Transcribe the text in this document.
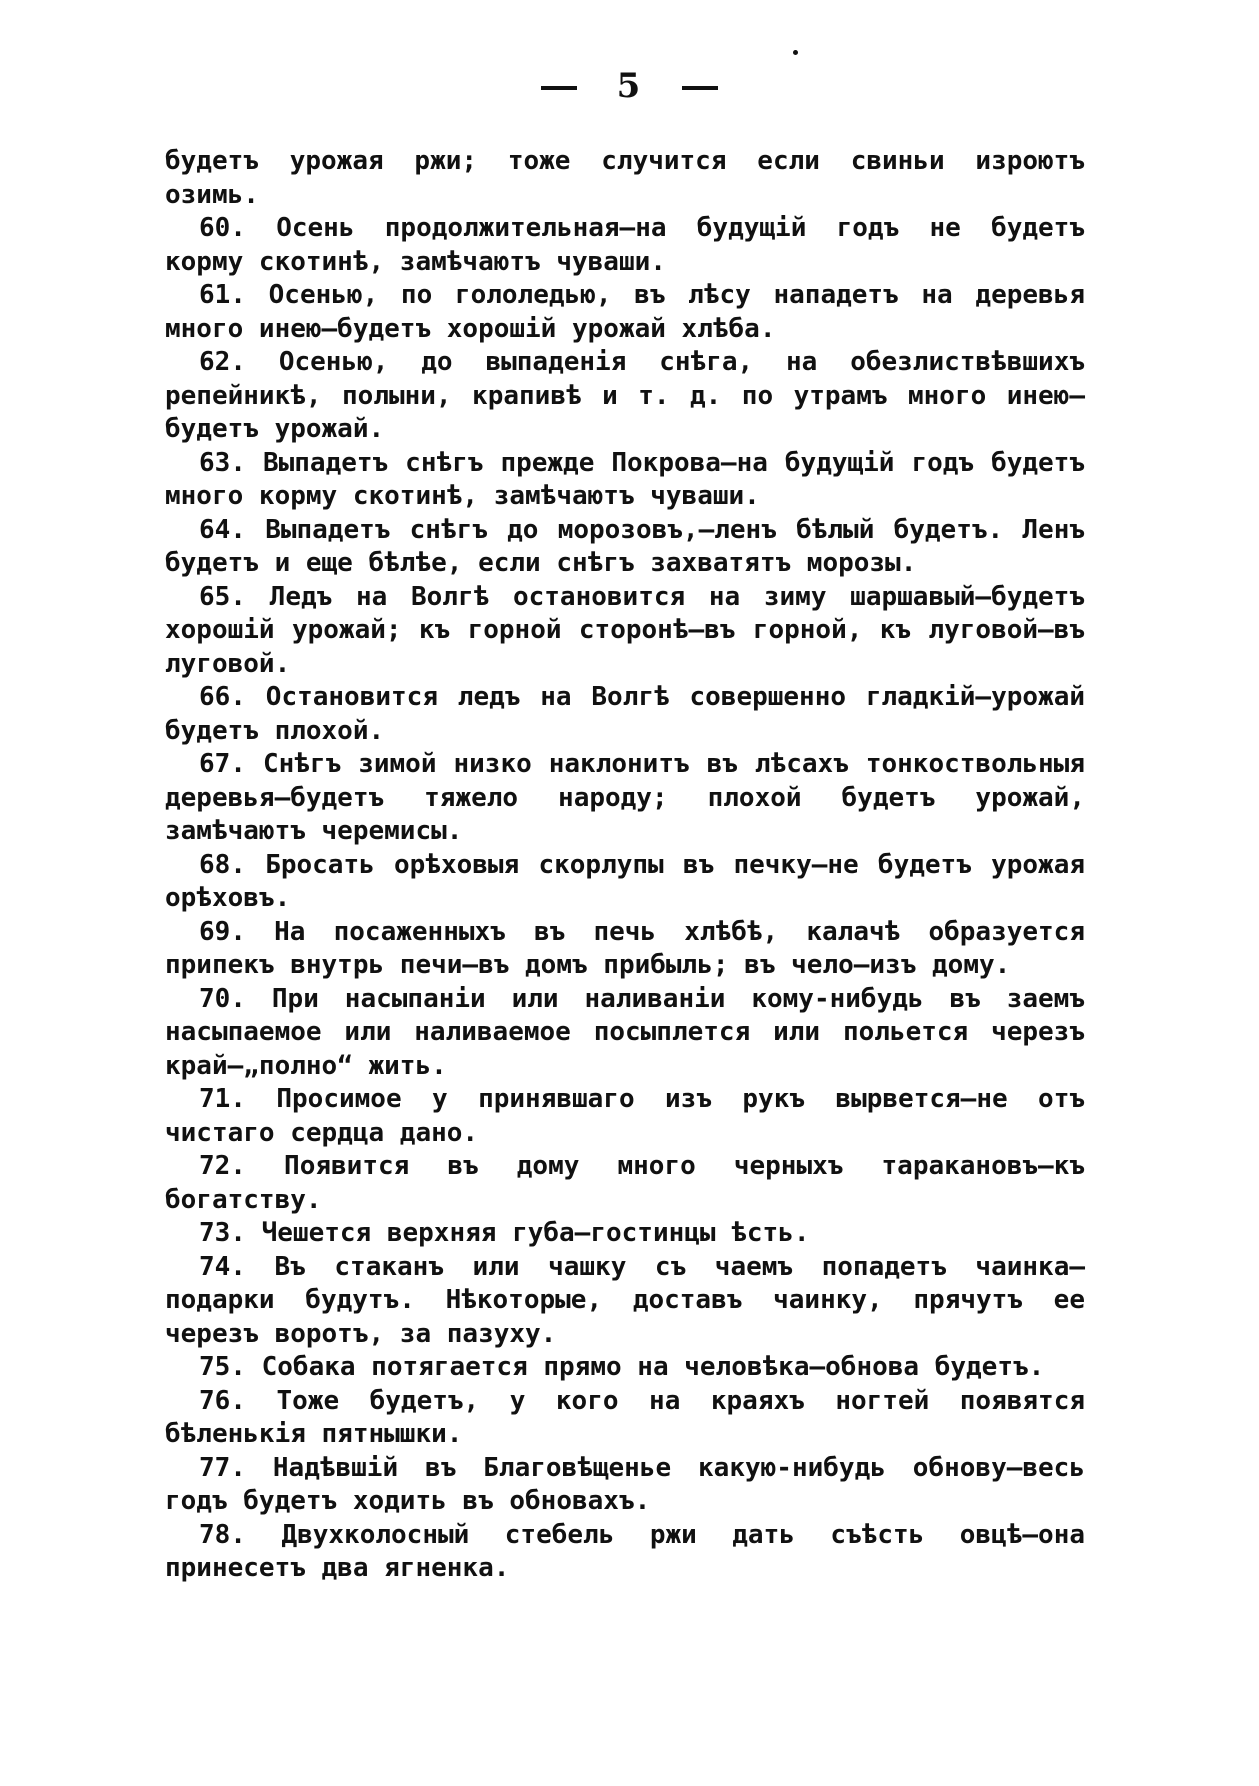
5

будетъ урожая ржи; тоже случится если свиньи изроютъ озимь.

60. Осень продолжительная—на будущій годъ не будетъ корму скотинѣ, замѣчаютъ чуваши.

61. Осенью, по гололедью, въ лѣсу нападетъ на деревья много инею—будетъ хорошій урожай хлѣба.

62. Осенью, до выпаденія снѣга, на обезлиствѣвшихъ репейникѣ, полыни, крапивѣ и т. д. по утрамъ много инею—будетъ урожай.

63. Выпадетъ снѣгъ прежде Покрова—на будущій годъ будетъ много корму скотинѣ, замѣчаютъ чуваши.

64. Выпадетъ снѣгъ до морозовъ,—ленъ бѣлый будетъ. Ленъ будетъ и еще бѣлѣе, если снѣгъ захватятъ морозы.

65. Ледъ на Волгѣ остановится на зиму шаршавый—будетъ хорошій урожай; къ горной сторонѣ—въ горной, къ луговой—въ луговой.

66. Остановится ледъ на Волгѣ совершенно гладкій—урожай будетъ плохой.

67. Снѣгъ зимой низко наклонитъ въ лѣсахъ тонкоствольныя деревья—будетъ тяжело народу; плохой будетъ урожай, замѣчаютъ черемисы.

68. Бросать орѣховыя скорлупы въ печку—не будетъ урожая орѣховъ.

69. На посаженныхъ въ печь хлѣбѣ, калачѣ образуется припекъ внутрь печи—въ домъ прибыль; въ чело—изъ дому.

70. При насыпаніи или наливаніи кому-нибудь въ заемъ насыпаемое или наливаемое посыплется или польется черезъ край—„полно“ жить.

71. Просимое у принявшаго изъ рукъ вырвется—не отъ чистаго сердца дано.

72. Появится въ дому много черныхъ таракановъ—къ богатству.

73. Чешется верхняя губа—гостинцы ѣсть.

74. Въ стаканъ или чашку съ чаемъ попадетъ чаинка—подарки будутъ. Нѣкоторые, доставъ чаинку, прячутъ ее черезъ воротъ, за пазуху.

75. Собака потягается прямо на человѣка—обнова будетъ.

76. Тоже будетъ, у кого на краяхъ ногтей появятся бѣленькія пятнышки.

77. Надѣвшій въ Благовѣщенье какую-нибудь обнову—весь годъ будетъ ходить въ обновахъ.

78. Двухколосный стебель ржи дать съѣсть овцѣ—она принесетъ два ягненка.
